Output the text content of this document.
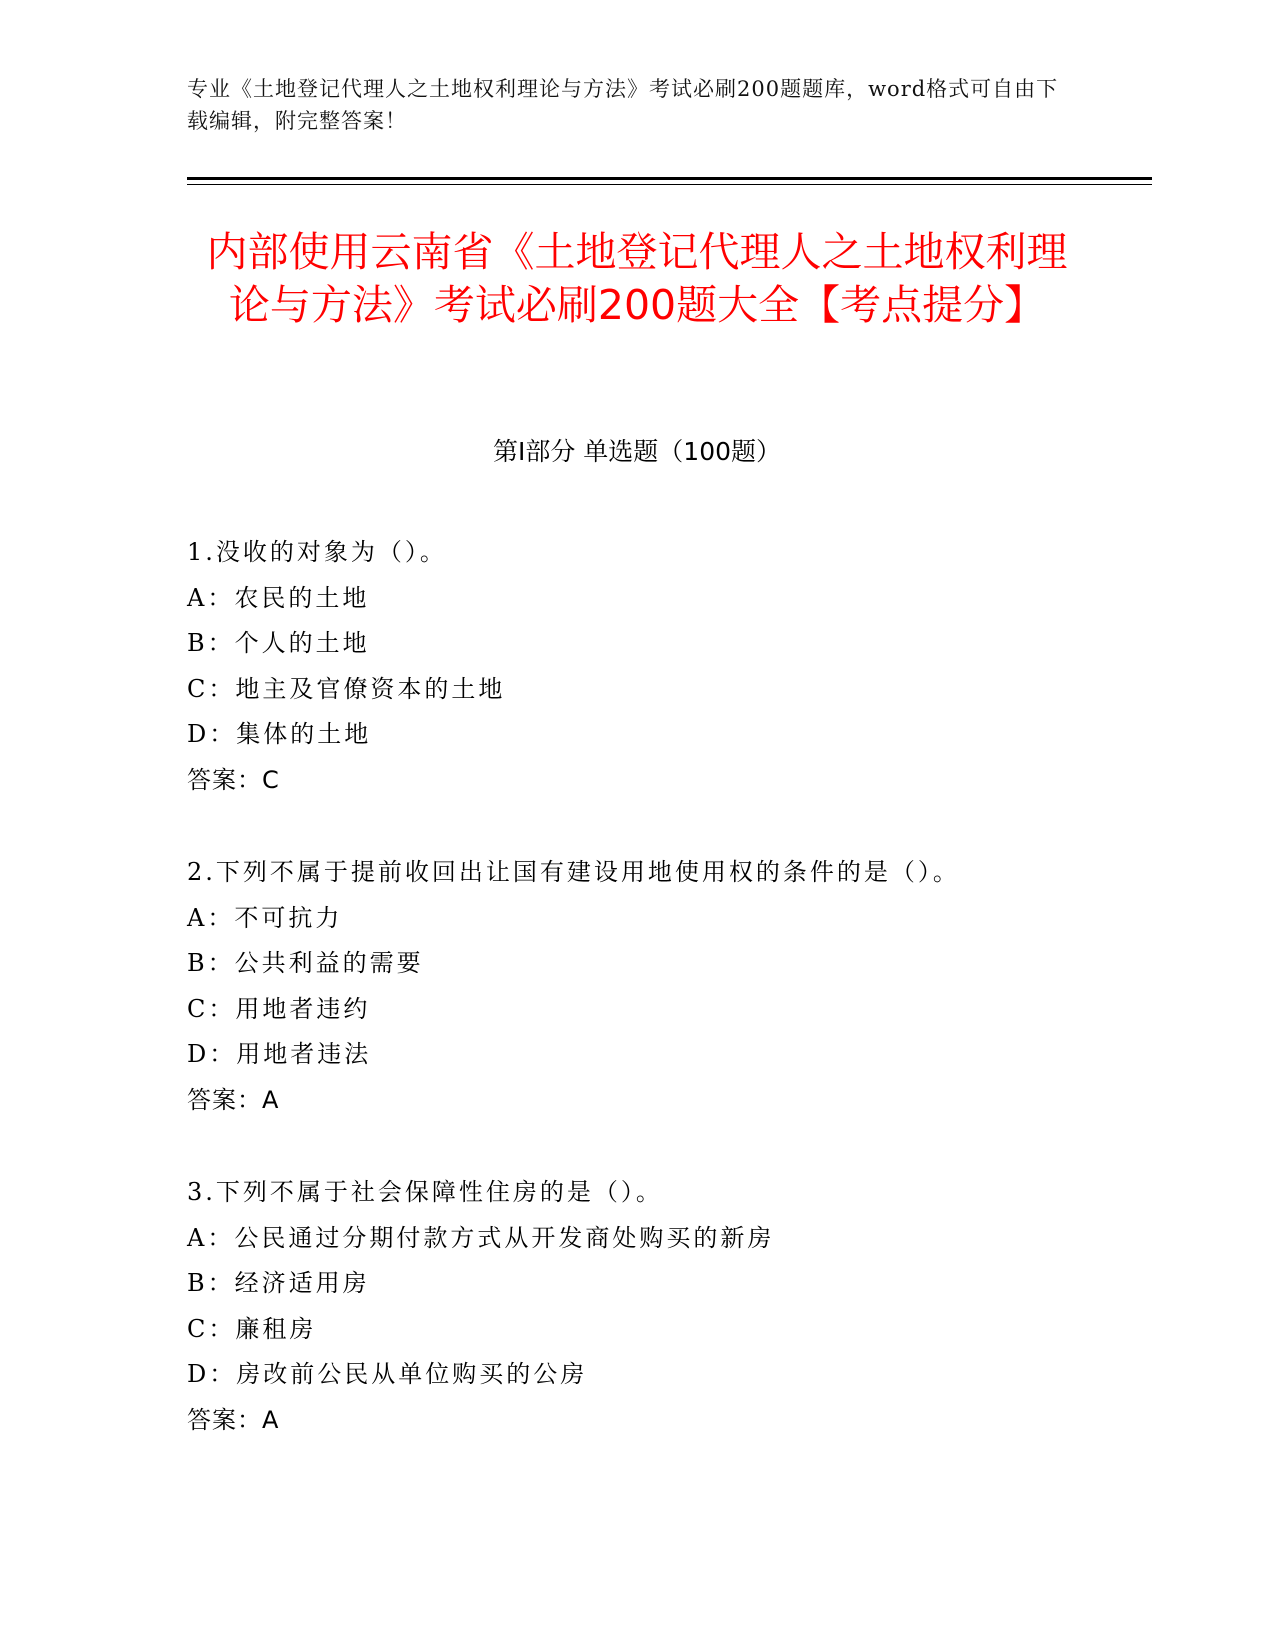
专业《土地登记代理人之土地权利理论与方法》考试必刷200题题库，word格式可自由下载编辑，附完整答案！
内部使用云南省《土地登记代理人之土地权利理论与方法》考试必刷200题大全【考点提分】
第I部分 单选题（100题）
1.没收的对象为（）。
A：农民的土地
B：个人的土地
C：地主及官僚资本的土地
D：集体的土地
答案：C
2.下列不属于提前收回出让国有建设用地使用权的条件的是（）。
A：不可抗力
B：公共利益的需要
C：用地者违约
D：用地者违法
答案：A
3.下列不属于社会保障性住房的是（）。
A：公民通过分期付款方式从开发商处购买的新房
B：经济适用房
C：廉租房
D：房改前公民从单位购买的公房
答案：A
